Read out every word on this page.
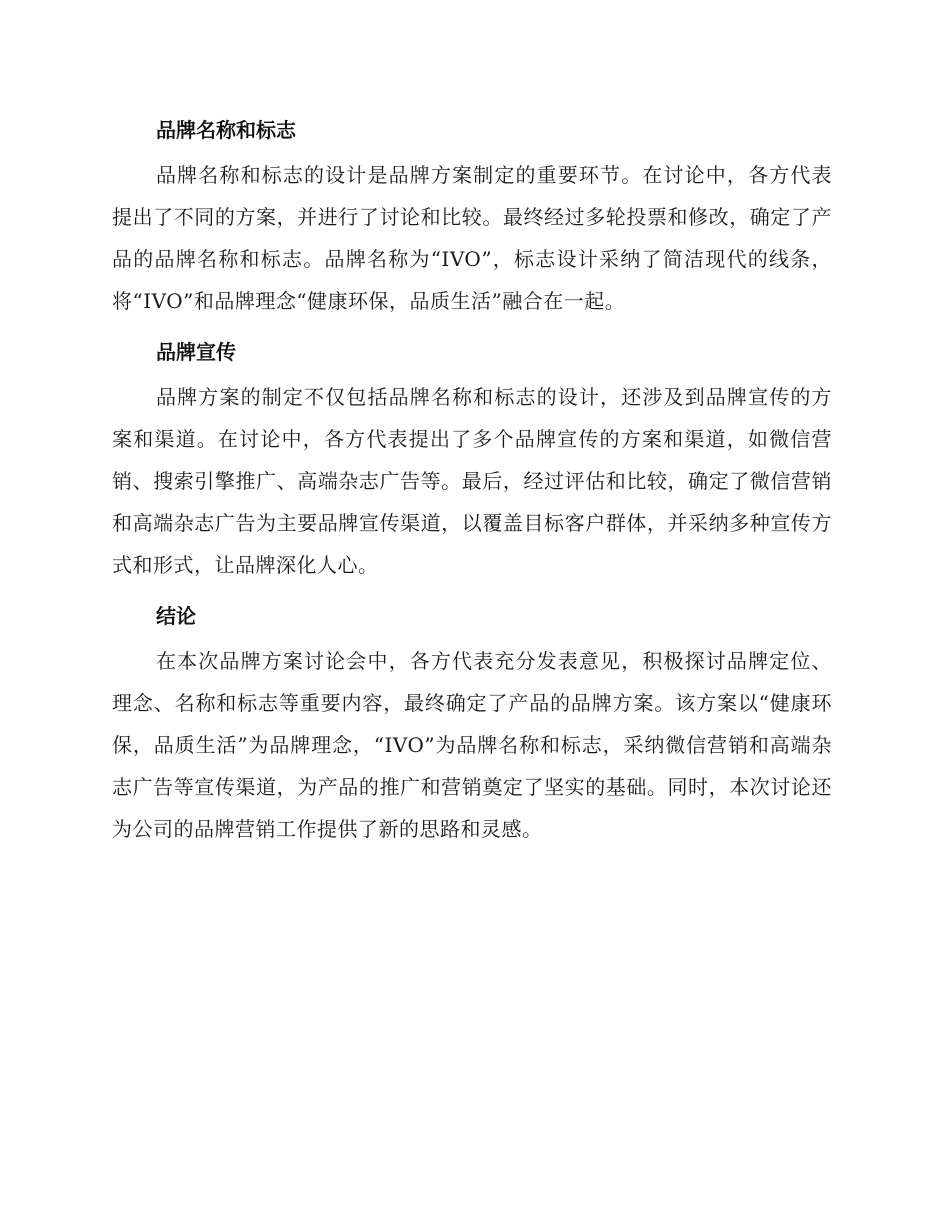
品牌名称和标志

品牌名称和标志的设计是品牌方案制定的重要环节。在讨论中，各方代表提出了不同的方案，并进行了讨论和比较。最终经过多轮投票和修改，确定了产品的品牌名称和标志。品牌名称为“IVO”，标志设计采纳了简洁现代的线条，将“IVO”和品牌理念“健康环保，品质生活”融合在一起。

品牌宣传

品牌方案的制定不仅包括品牌名称和标志的设计，还涉及到品牌宣传的方案和渠道。在讨论中，各方代表提出了多个品牌宣传的方案和渠道，如微信营销、搜索引擎推广、高端杂志广告等。最后，经过评估和比较，确定了微信营销和高端杂志广告为主要品牌宣传渠道，以覆盖目标客户群体，并采纳多种宣传方式和形式，让品牌深化人心。

结论

在本次品牌方案讨论会中，各方代表充分发表意见，积极探讨品牌定位、理念、名称和标志等重要内容，最终确定了产品的品牌方案。该方案以“健康环保，品质生活”为品牌理念，“IVO”为品牌名称和标志，采纳微信营销和高端杂志广告等宣传渠道，为产品的推广和营销奠定了坚实的基础。同时，本次讨论还为公司的品牌营销工作提供了新的思路和灵感。
